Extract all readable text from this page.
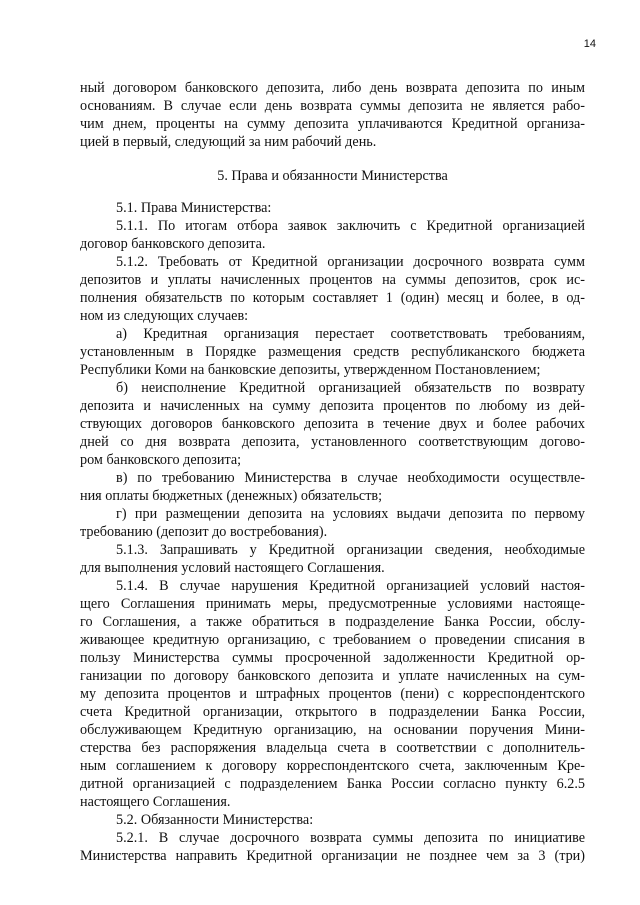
14
ный договором банковского депозита, либо день возврата депозита по иным
основаниям. В случае если день возврата суммы депозита не является рабо-
чим днем, проценты на сумму депозита уплачиваются Кредитной организа-
цией в первый, следующий за ним рабочий день.
5. Права и обязанности Министерства
5.1. Права Министерства:
5.1.1. По итогам отбора заявок заключить с Кредитной организацией
договор банковского депозита.
5.1.2. Требовать от Кредитной организации досрочного возврата сумм
депозитов и уплаты начисленных процентов на суммы депозитов, срок ис-
полнения обязательств по которым составляет 1 (один) месяц и более, в од-
ном из следующих случаев:
а) Кредитная организация перестает соответствовать требованиям,
установленным в Порядке размещения средств республиканского бюджета
Республики Коми на банковские депозиты, утвержденном Постановлением;
б) неисполнение Кредитной организацией обязательств по возврату
депозита и начисленных на сумму депозита процентов по любому из дей-
ствующих договоров банковского депозита в течение двух и более рабочих
дней со дня возврата депозита, установленного соответствующим догово-
ром банковского депозита;
в) по требованию Министерства в случае необходимости осуществле-
ния оплаты бюджетных (денежных) обязательств;
г) при размещении депозита на условиях выдачи депозита по первому
требованию (депозит до востребования).
5.1.3. Запрашивать у Кредитной организации сведения, необходимые
для выполнения условий настоящего Соглашения.
5.1.4. В случае нарушения Кредитной организацией условий настоя-
щего Соглашения принимать меры, предусмотренные условиями настояще-
го Соглашения, а также обратиться в подразделение Банка России, обслу-
живающее кредитную организацию, с требованием о проведении списания в
пользу Министерства суммы просроченной задолженности Кредитной ор-
ганизации по договору банковского депозита и уплате начисленных на сум-
му депозита процентов и штрафных процентов (пени) с корреспондентского
счета Кредитной организации, открытого в подразделении Банка России,
обслуживающем Кредитную организацию, на основании поручения Мини-
стерства без распоряжения владельца счета в соответствии с дополнитель-
ным соглашением к договору корреспондентского счета, заключенным Кре-
дитной организацией с подразделением Банка России согласно пункту 6.2.5
настоящего Соглашения.
5.2. Обязанности Министерства:
5.2.1. В случае досрочного возврата суммы депозита по инициативе
Министерства направить Кредитной организации не позднее чем за 3 (три)
